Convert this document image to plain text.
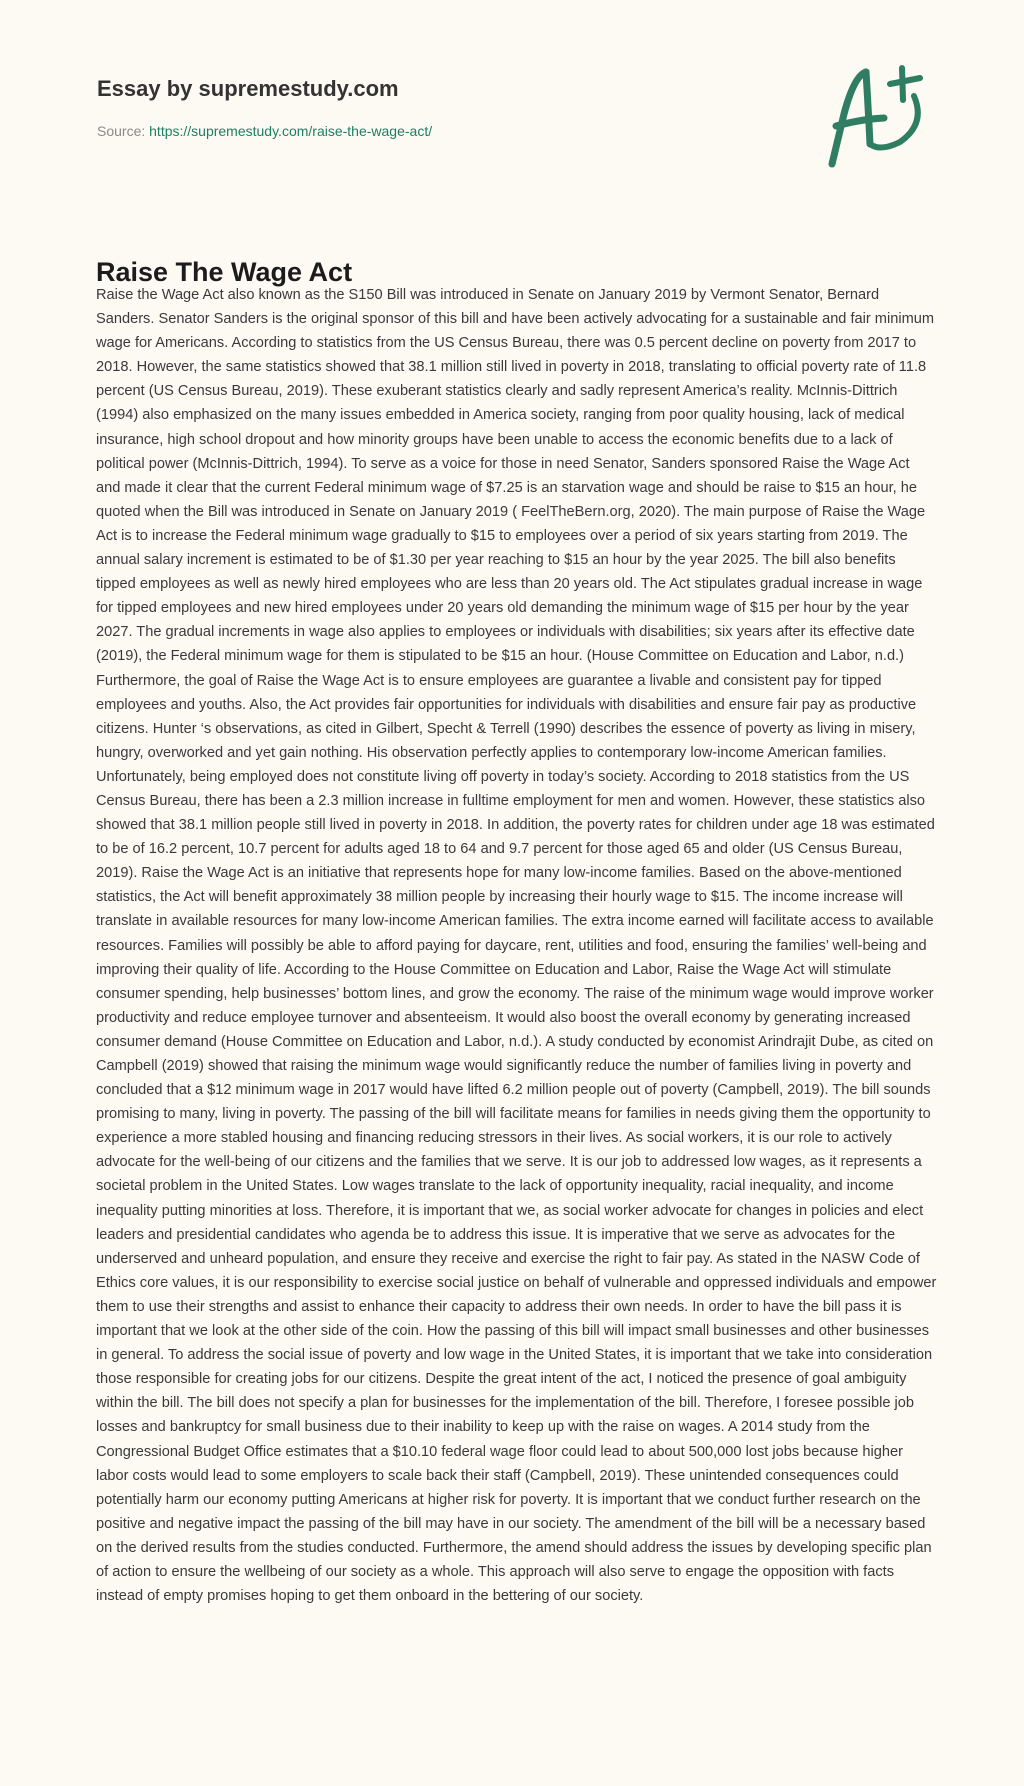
Essay by supremestudy.com
Source: https://supremestudy.com/raise-the-wage-act/
Raise The Wage Act

Raise the Wage Act also known as the S150 Bill was introduced in Senate on January 2019 by Vermont Senator, Bernard Sanders. Senator Sanders is the original sponsor of this bill and have been actively advocating for a sustainable and fair minimum wage for Americans. According to statistics from the US Census Bureau, there was 0.5 percent decline on poverty from 2017 to 2018. However, the same statistics showed that 38.1 million still lived in poverty in 2018, translating to official poverty rate of 11.8 percent (US Census Bureau, 2019). These exuberant statistics clearly and sadly represent America’s reality. McInnis-Dittrich (1994) also emphasized on the many issues embedded in America society, ranging from poor quality housing, lack of medical insurance, high school dropout and how minority groups have been unable to access the economic benefits due to a lack of political power (McInnis-Dittrich, 1994). To serve as a voice for those in need Senator, Sanders sponsored Raise the Wage Act and made it clear that the current Federal minimum wage of $7.25 is an starvation wage and should be raise to $15 an hour, he quoted when the Bill was introduced in Senate on January 2019 ( FeelTheBern.org, 2020). The main purpose of Raise the Wage Act is to increase the Federal minimum wage gradually to $15 to employees over a period of six years starting from 2019. The annual salary increment is estimated to be of $1.30 per year reaching to $15 an hour by the year 2025. The bill also benefits tipped employees as well as newly hired employees who are less than 20 years old. The Act stipulates gradual increase in wage for tipped employees and new hired employees under 20 years old demanding the minimum wage of $15 per hour by the year 2027. The gradual increments in wage also applies to employees or individuals with disabilities; six years after its effective date (2019), the Federal minimum wage for them is stipulated to be $15 an hour. (House Committee on Education and Labor, n.d.) Furthermore, the goal of Raise the Wage Act is to ensure employees are guarantee a livable and consistent pay for tipped employees and youths. Also, the Act provides fair opportunities for individuals with disabilities and ensure fair pay as productive citizens. Hunter ‘s observations, as cited in Gilbert, Specht & Terrell (1990) describes the essence of poverty as living in misery, hungry, overworked and yet gain nothing. His observation perfectly applies to contemporary low-income American families. Unfortunately, being employed does not constitute living off poverty in today’s society. According to 2018 statistics from the US Census Bureau, there has been a 2.3 million increase in fulltime employment for men and women. However, these statistics also showed that 38.1 million people still lived in poverty in 2018. In addition, the poverty rates for children under age 18 was estimated to be of 16.2 percent, 10.7 percent for adults aged 18 to 64 and 9.7 percent for those aged 65 and older (US Census Bureau, 2019). Raise the Wage Act is an initiative that represents hope for many low-income families. Based on the above-mentioned statistics, the Act will benefit approximately 38 million people by increasing their hourly wage to $15. The income increase will translate in available resources for many low-income American families. The extra income earned will facilitate access to available resources. Families will possibly be able to afford paying for daycare, rent, utilities and food, ensuring the families’ well-being and improving their quality of life. According to the House Committee on Education and Labor, Raise the Wage Act will stimulate consumer spending, help businesses’ bottom lines, and grow the economy. The raise of the minimum wage would improve worker productivity and reduce employee turnover and absenteeism. It would also boost the overall economy by generating increased consumer demand (House Committee on Education and Labor, n.d.). A study conducted by economist Arindrajit Dube, as cited on Campbell (2019) showed that raising the minimum wage would significantly reduce the number of families living in poverty and concluded that a $12 minimum wage in 2017 would have lifted 6.2 million people out of poverty (Campbell, 2019). The bill sounds promising to many, living in poverty. The passing of the bill will facilitate means for families in needs giving them the opportunity to experience a more stabled housing and financing reducing stressors in their lives. As social workers, it is our role to actively advocate for the well-being of our citizens and the families that we serve. It is our job to addressed low wages, as it represents a societal problem in the United States. Low wages translate to the lack of opportunity inequality, racial inequality, and income inequality putting minorities at loss. Therefore, it is important that we, as social worker advocate for changes in policies and elect leaders and presidential candidates who agenda be to address this issue. It is imperative that we serve as advocates for the underserved and unheard population, and ensure they receive and exercise the right to fair pay. As stated in the NASW Code of Ethics core values, it is our responsibility to exercise social justice on behalf of vulnerable and oppressed individuals and empower them to use their strengths and assist to enhance their capacity to address their own needs. In order to have the bill pass it is important that we look at the other side of the coin. How the passing of this bill will impact small businesses and other businesses in general. To address the social issue of poverty and low wage in the United States, it is important that we take into consideration those responsible for creating jobs for our citizens. Despite the great intent of the act, I noticed the presence of goal ambiguity within the bill. The bill does not specify a plan for businesses for the implementation of the bill. Therefore, I foresee possible job losses and bankruptcy for small business due to their inability to keep up with the raise on wages. A 2014 study from the Congressional Budget Office estimates that a $10.10 federal wage floor could lead to about 500,000 lost jobs because higher labor costs would lead to some employers to scale back their staff (Campbell, 2019). These unintended consequences could potentially harm our economy putting Americans at higher risk for poverty. It is important that we conduct further research on the positive and negative impact the passing of the bill may have in our society. The amendment of the bill will be a necessary based on the derived results from the studies conducted. Furthermore, the amend should address the issues by developing specific plan of action to ensure the wellbeing of our society as a whole. This approach will also serve to engage the opposition with facts instead of empty promises hoping to get them onboard in the bettering of our society.
